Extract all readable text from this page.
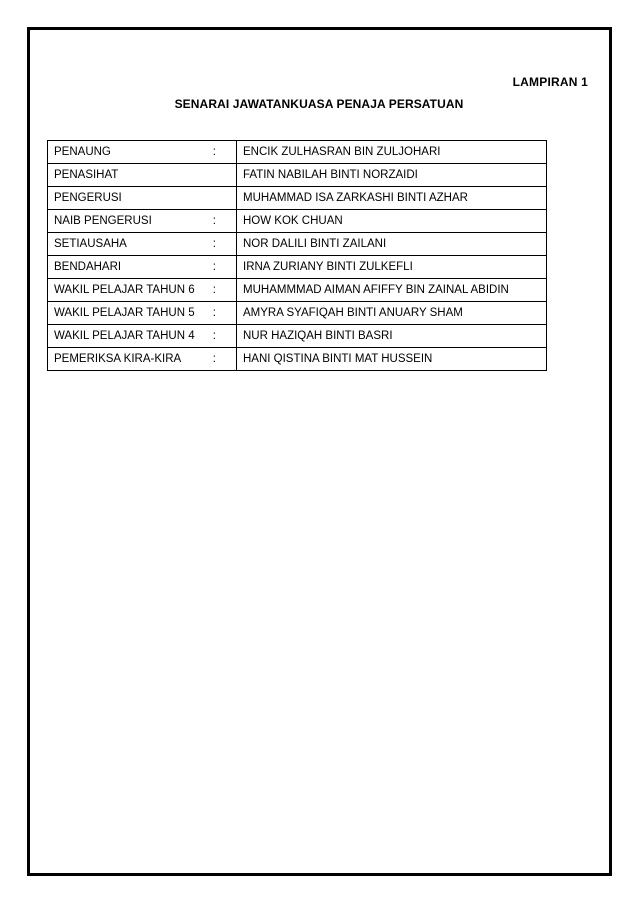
LAMPIRAN 1
SENARAI JAWATANKUASA PENAJA PERSATUAN
PENAUNG :	ENCIK ZULHASRAN BIN ZULJOHARI
PENASIHAT	FATIN NABILAH BINTI NORZAIDI
PENGERUSI	MUHAMMAD ISA ZARKASHI BINTI AZHAR
NAIB PENGERUSI :	HOW KOK CHUAN
SETIAUSAHA :	NOR DALILI BINTI ZAILANI
BENDAHARI :	IRNA ZURIANY BINTI ZULKEFLI
WAKIL PELAJAR TAHUN 6 :	MUHAMMMAD AIMAN AFIFFY BIN ZAINAL ABIDIN
WAKIL PELAJAR TAHUN 5 :	AMYRA SYAFIQAH BINTI ANUARY SHAM
WAKIL PELAJAR TAHUN 4 :	NUR HAZIQAH BINTI BASRI
PEMERIKSA KIRA-KIRA :	HANI QISTINA BINTI MAT HUSSEIN
